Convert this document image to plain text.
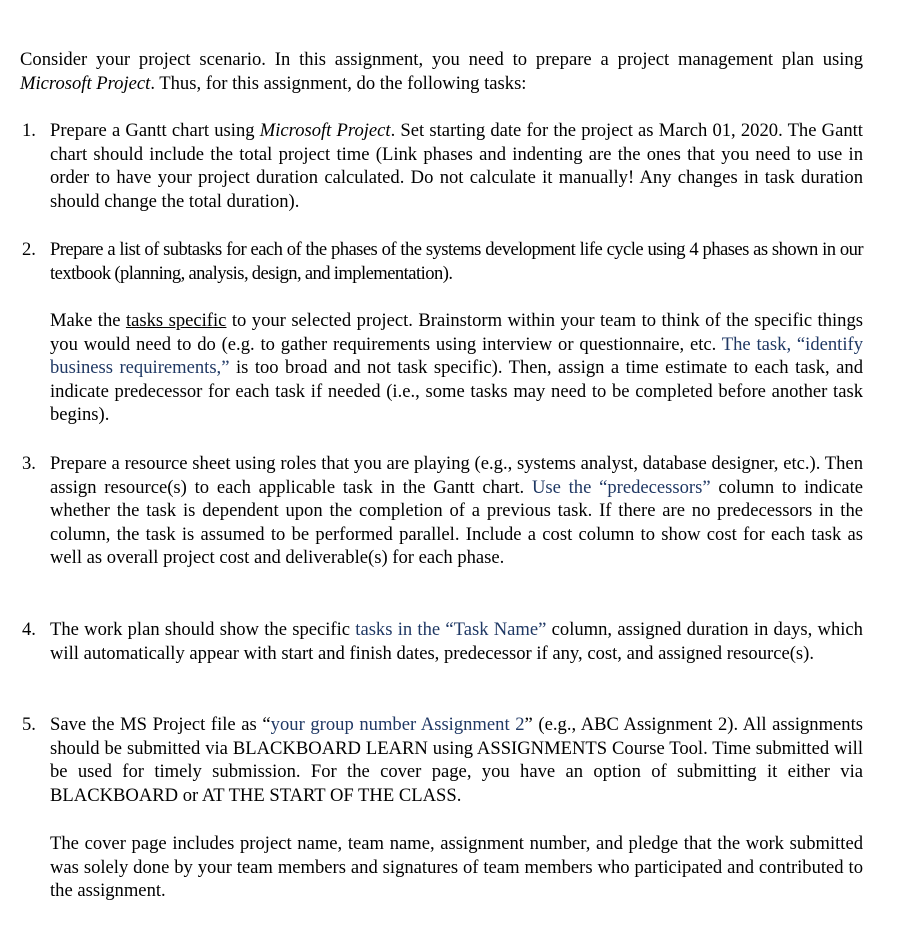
Consider your project scenario. In this assignment, you need to prepare a project management plan using Microsoft Project. Thus, for this assignment, do the following tasks:

1. Prepare a Gantt chart using Microsoft Project. Set starting date for the project as March 01, 2020. The Gantt chart should include the total project time (Link phases and indenting are the ones that you need to use in order to have your project duration calculated. Do not calculate it manually! Any changes in task duration should change the total duration).

2. Prepare a list of subtasks for each of the phases of the systems development life cycle using 4 phases as shown in our textbook (planning, analysis, design, and implementation).

Make the tasks specific to your selected project. Brainstorm within your team to think of the specific things you would need to do (e.g. to gather requirements using interview or questionnaire, etc. The task, “identify business requirements,” is too broad and not task specific). Then, assign a time estimate to each task, and indicate predecessor for each task if needed (i.e., some tasks may need to be completed before another task begins).

3. Prepare a resource sheet using roles that you are playing (e.g., systems analyst, database designer, etc.). Then assign resource(s) to each applicable task in the Gantt chart. Use the “predecessors” column to indicate whether the task is dependent upon the completion of a previous task. If there are no predecessors in the column, the task is assumed to be performed parallel. Include a cost column to show cost for each task as well as overall project cost and deliverable(s) for each phase.

4. The work plan should show the specific tasks in the “Task Name” column, assigned duration in days, which will automatically appear with start and finish dates, predecessor if any, cost, and assigned resource(s).

5. Save the MS Project file as “your group number Assignment 2” (e.g., ABC Assignment 2). All assignments should be submitted via BLACKBOARD LEARN using ASSIGNMENTS Course Tool. Time submitted will be used for timely submission. For the cover page, you have an option of submitting it either via BLACKBOARD or AT THE START OF THE CLASS.

The cover page includes project name, team name, assignment number, and pledge that the work submitted was solely done by your team members and signatures of team members who participated and contributed to the assignment.
